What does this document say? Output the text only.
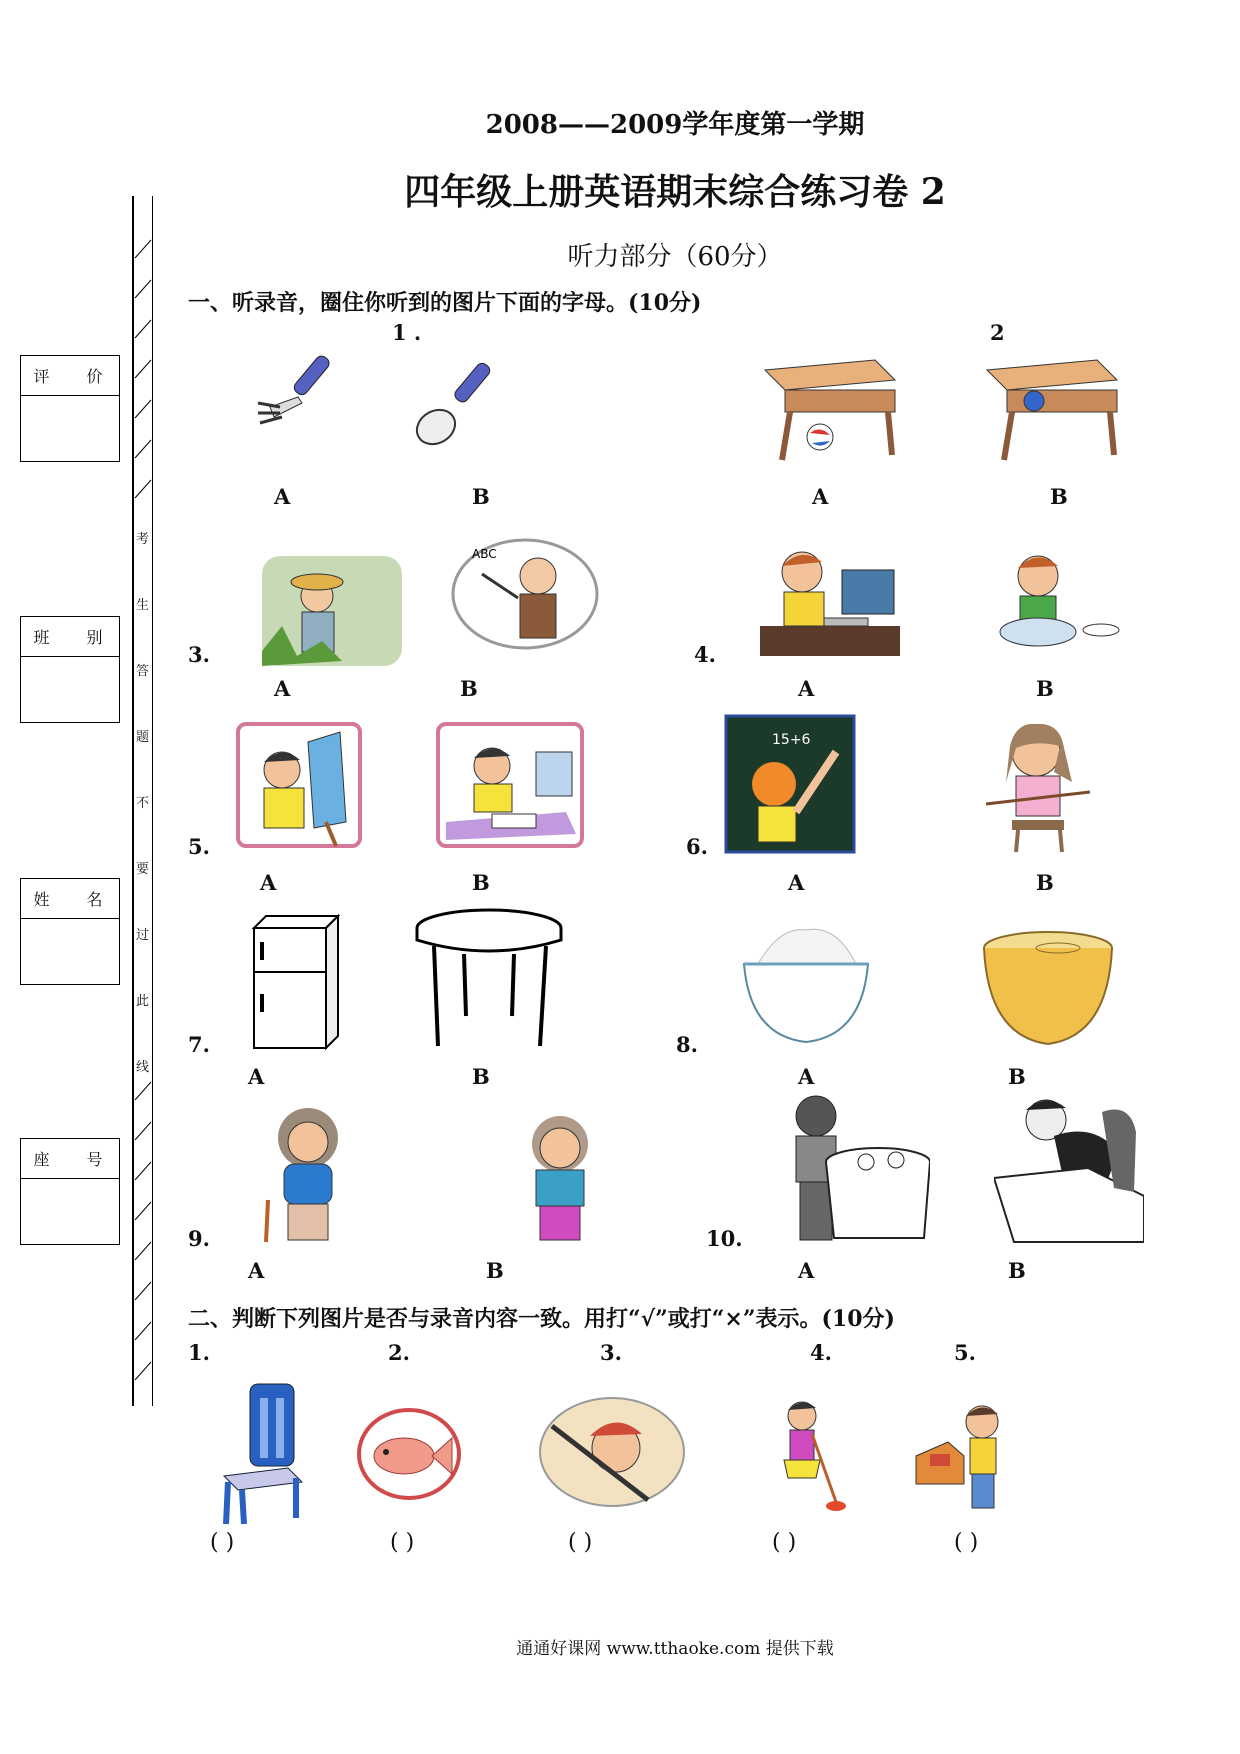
2008——2009学年度第一学期
四年级上册英语期末综合练习卷 2
听力部分（60分）
考
生
答
题
不
要
过
此
线
评 价
班 别
姓 名
座 号
一、听录音，圈住你听到的图片下面的字母。(10分)
1 .
A	B
2
A	B
3.
ABC
A	B
4.
A	B
5.
A	B
6.
15+6
A	B
7.
A	B
8.
A	B
9.
A	B
10.
A	B
二、判断下列图片是否与录音内容一致。用打“√”或打“×”表示。(10分)
1.	2.	3.	4.	5.
( )	( )	( )	( )	( )
通通好课网 www.tthaoke.com 提供下载
